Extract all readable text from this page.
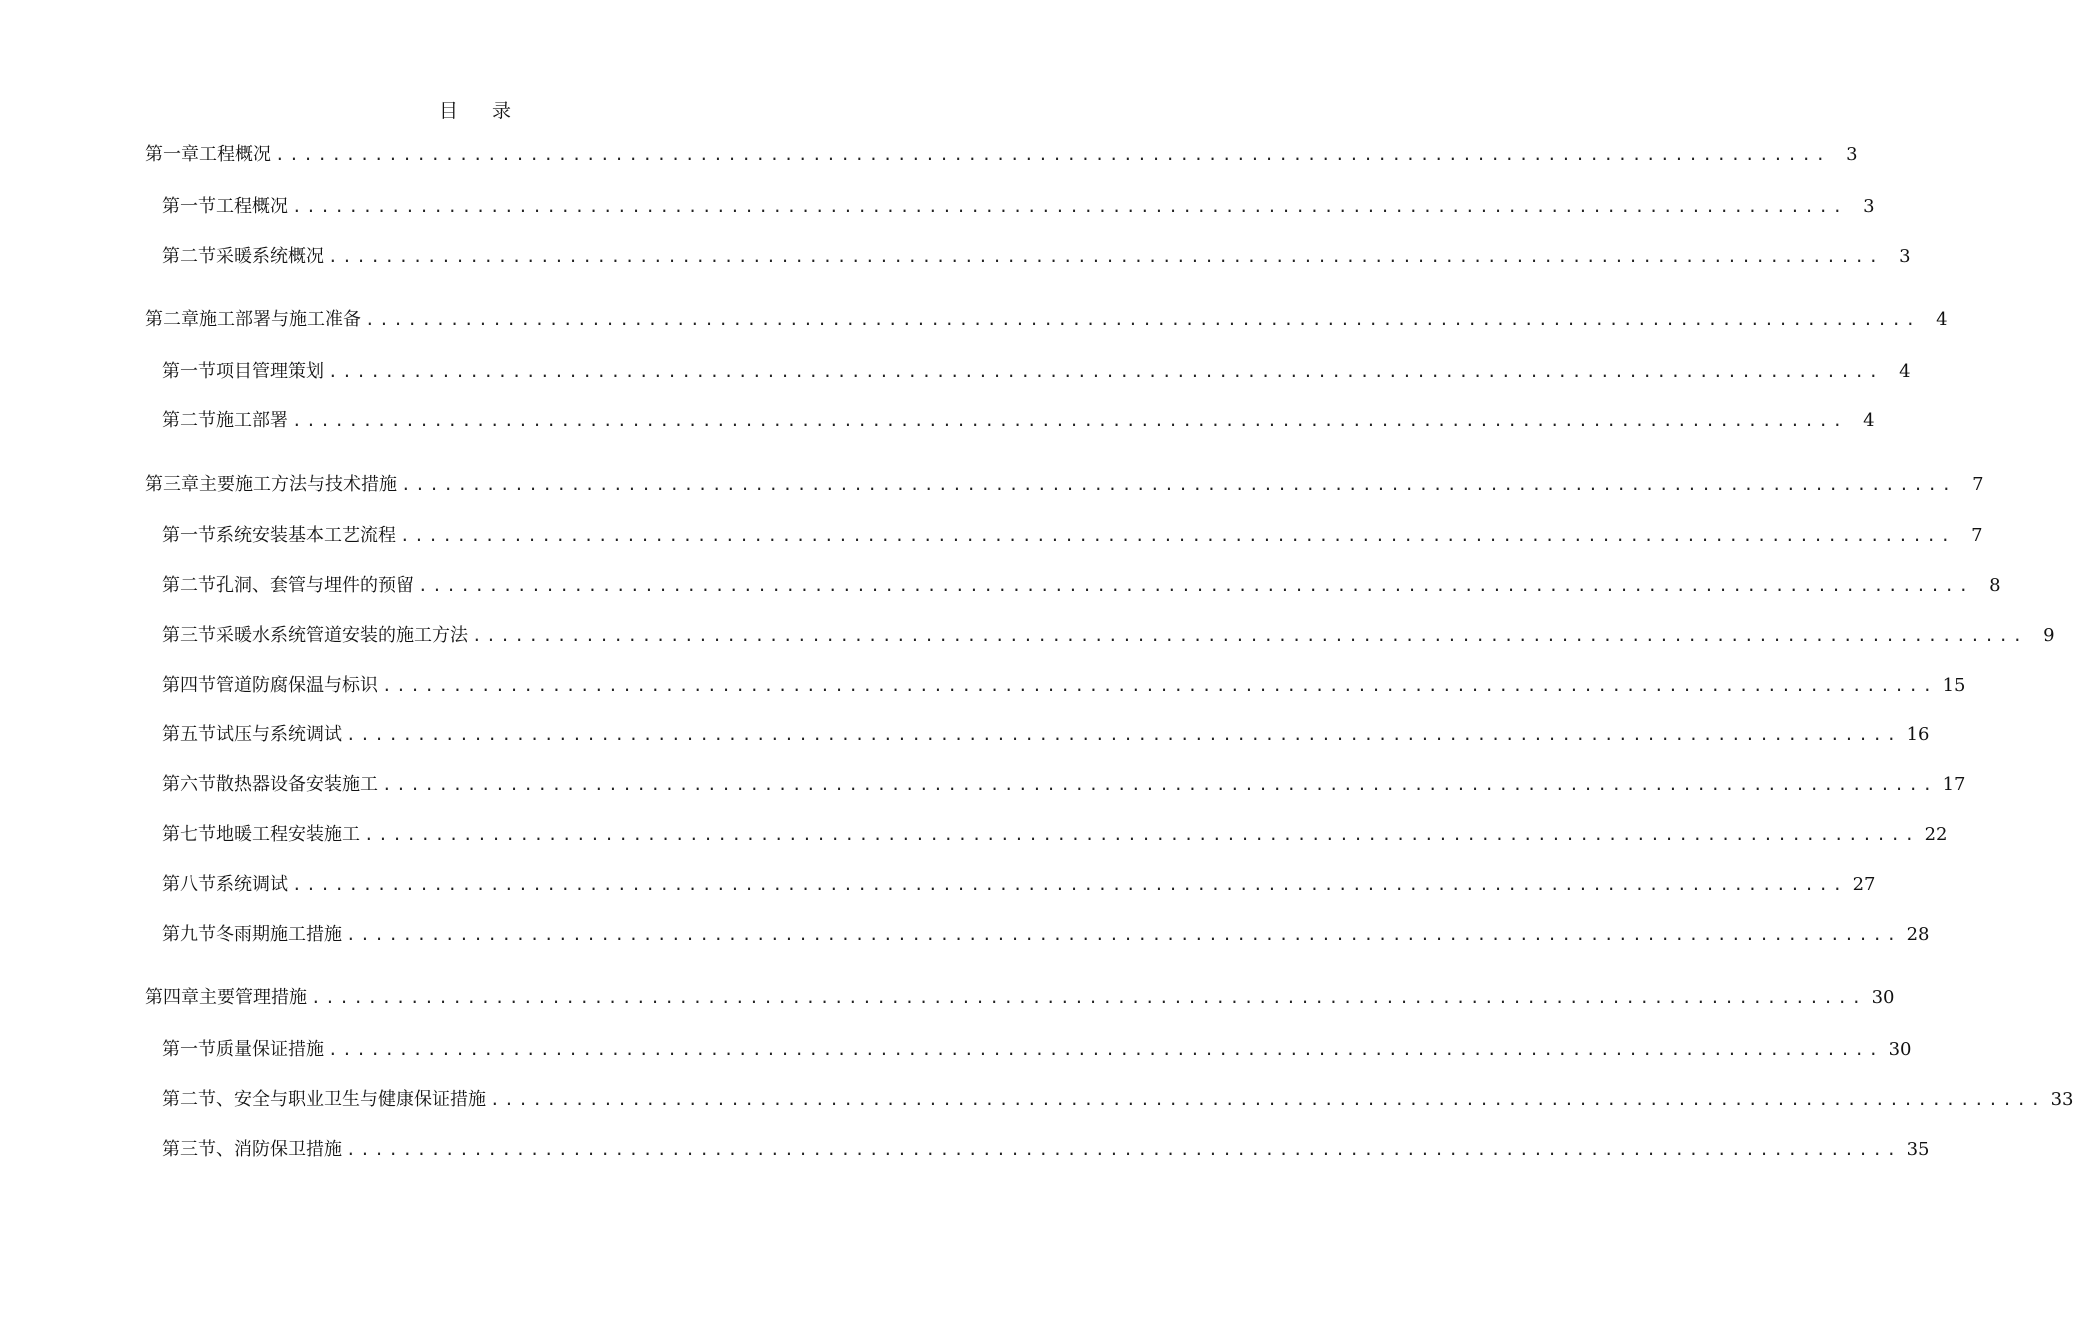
目 录
第一章 工程概况 .............................................................................................................. 3
第一节 工程概况 .............................................................................................................. 3
第二节 采暖系统概况 .............................................................................................................. 3
第二章 施工部署与施工准备 .............................................................................................................. 4
第一节 项目管理策划 .............................................................................................................. 4
第二节 施工部署 .............................................................................................................. 4
第三章 主要施工方法与技术措施 .............................................................................................................. 7
第一节 系统安装基本工艺流程 .............................................................................................................. 7
第二节 孔洞、套管与埋件的预留 .............................................................................................................. 8
第三节 采暖水系统管道安装的施工方法 .............................................................................................................. 9
第四节 管道防腐保温与标识 .............................................................................................................. 15
第五节 试压与系统调试 .............................................................................................................. 16
第六节 散热器设备安装施工 .............................................................................................................. 17
第七节 地暖工程安装施工 .............................................................................................................. 22
第八节 系统调试 .............................................................................................................. 27
第九节 冬雨期施工措施 .............................................................................................................. 28
第四章 主要管理措施 .............................................................................................................. 30
第一节 质量保证措施 .............................................................................................................. 30
第二节 、 安全与职业卫生与健康保证措施 .............................................................................................................. 33
第三节 、 消防保卫措施 .............................................................................................................. 35
